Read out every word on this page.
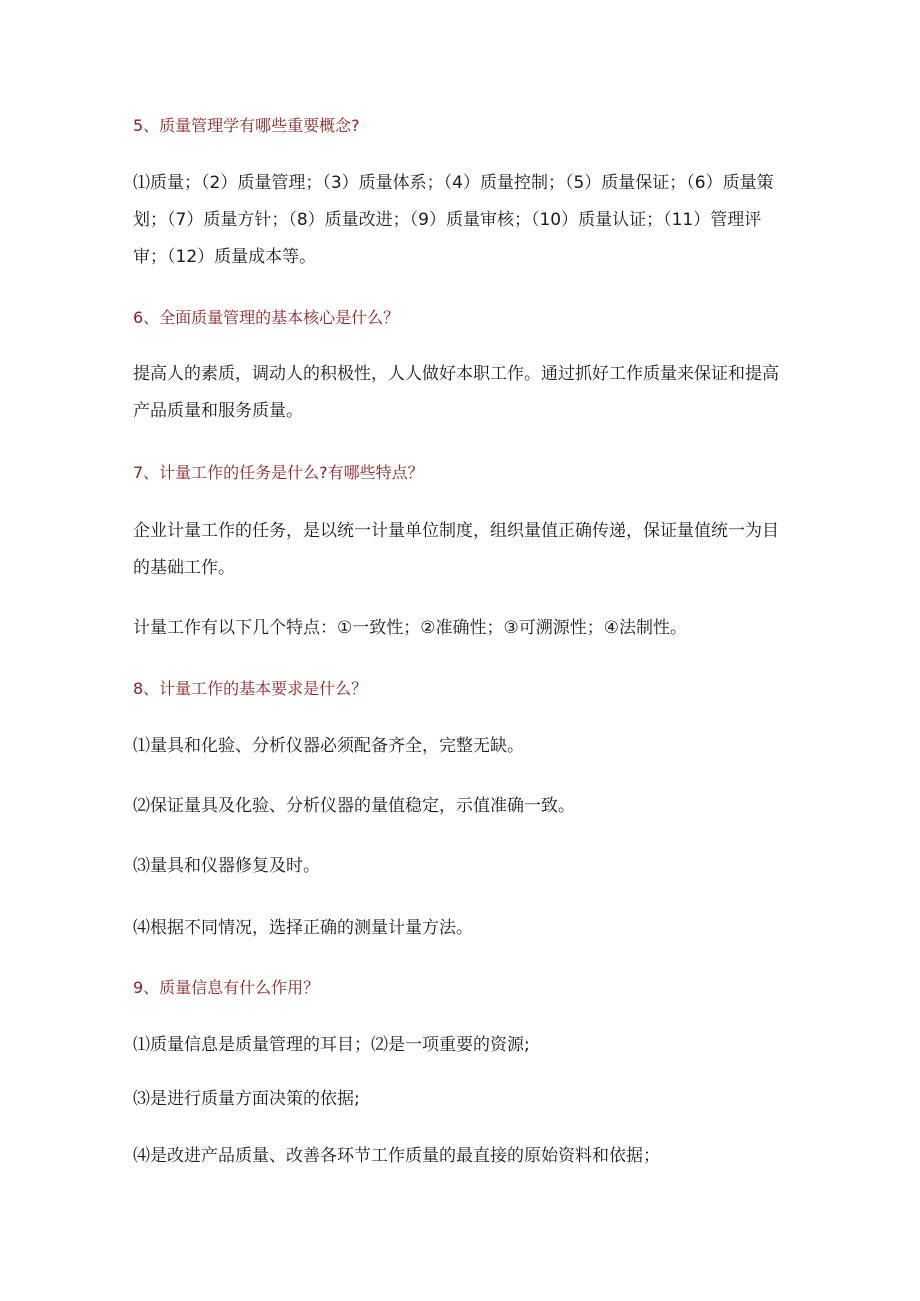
5、质量管理学有哪些重要概念?
⑴质量；（2）质量管理；（3）质量体系；（4）质量控制；（5）质量保证；（6）质量策划；（7）质量方针；（8）质量改进；（9）质量审核；（10）质量认证；（11）管理评审；（12）质量成本等。
6、全面质量管理的基本核心是什么？
提高人的素质，调动人的积极性，人人做好本职工作。通过抓好工作质量来保证和提高产品质量和服务质量。
7、计量工作的任务是什么?有哪些特点？
企业计量工作的任务，是以统一计量单位制度，组织量值正确传递，保证量值统一为目的基础工作。
计量工作有以下几个特点：①一致性；②准确性；③可溯源性；④法制性。
8、计量工作的基本要求是什么？
⑴量具和化验、分析仪器必须配备齐全，完整无缺。
⑵保证量具及化验、分析仪器的量值稳定，示值准确一致。
⑶量具和仪器修复及时。
⑷根据不同情况，选择正确的测量计量方法。
9、质量信息有什么作用？
⑴质量信息是质量管理的耳目；⑵是一项重要的资源;
⑶是进行质量方面决策的依据;
⑷是改进产品质量、改善各环节工作质量的最直接的原始资料和依据；
